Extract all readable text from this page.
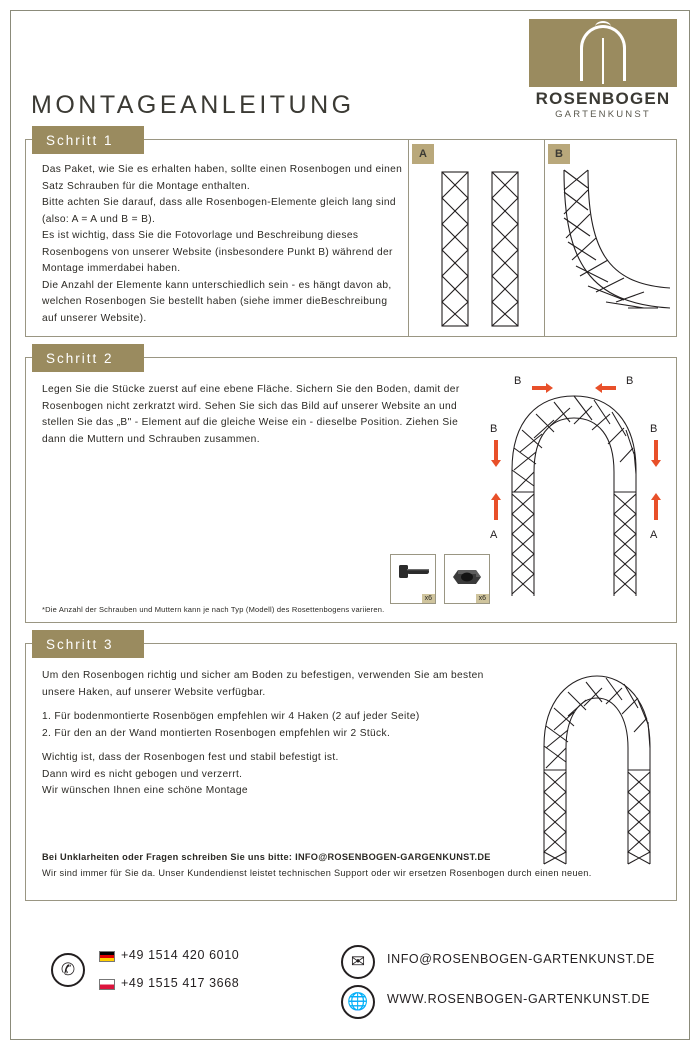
ROSENBOGEN
GARTENKUNST
MONTAGEANLEITUNG
Schritt 1

Das Paket, wie Sie es erhalten haben, sollte einen Rosenbogen und einen Satz Schrauben für die Montage enthalten.

Bitte achten Sie darauf, dass alle Rosenbogen-Elemente gleich lang sind (also: A = A und B = B).

Es ist wichtig, dass Sie die Fotovorlage und Beschreibung dieses Rosenbogens von unserer Website (insbesondere Punkt B) während der Montage immerdabei haben.

Die Anzahl der Elemente kann unterschiedlich sein - es hängt davon ab, welchen Rosenbogen Sie bestellt haben (siehe immer dieBeschreibung auf unserer Website).

A	B
Schritt 2

Legen Sie die Stücke zuerst auf eine ebene Fläche. Sichern Sie den Boden, damit der Rosenbogen nicht zerkratzt wird. Sehen Sie sich das Bild auf unserer Website an und stellen Sie das „B" - Element auf die gleiche Weise ein - dieselbe Position. Ziehen Sie dann die Muttern und Schrauben zusammen.

B	B
B	B
A	A
x6	x6
*Die Anzahl der Schrauben und Muttern kann je nach Typ (Modell) des Rosettenbogens variieren.
Schritt 3

Um den Rosenbogen richtig und sicher am Boden zu befestigen, verwenden Sie am besten unsere Haken, auf unserer Website verfügbar.

1. Für bodenmontierte Rosenbögen empfehlen wir 4 Haken (2 auf jeder Seite)

2. Für den an der Wand montierten Rosenbogen empfehlen wir 2 Stück.

Wichtig ist, dass der Rosenbogen fest und stabil befestigt ist.

Dann wird es nicht gebogen und verzerrt.

Wir wünschen Ihnen eine schöne Montage

Bei Unklarheiten oder Fragen schreiben Sie uns bitte: INFO@ROSENBOGEN-GARGENKUNST.DE
Wir sind immer für Sie da. Unser Kundendienst leistet technischen Support oder wir ersetzen Rosenbogen durch einen neuen.
✆
+49 1514 420 6010
+49 1515 417 3668
✉	INFO@ROSENBOGEN-GARTENKUNST.DE
🌐	WWW.ROSENBOGEN-GARTENKUNST.DE
